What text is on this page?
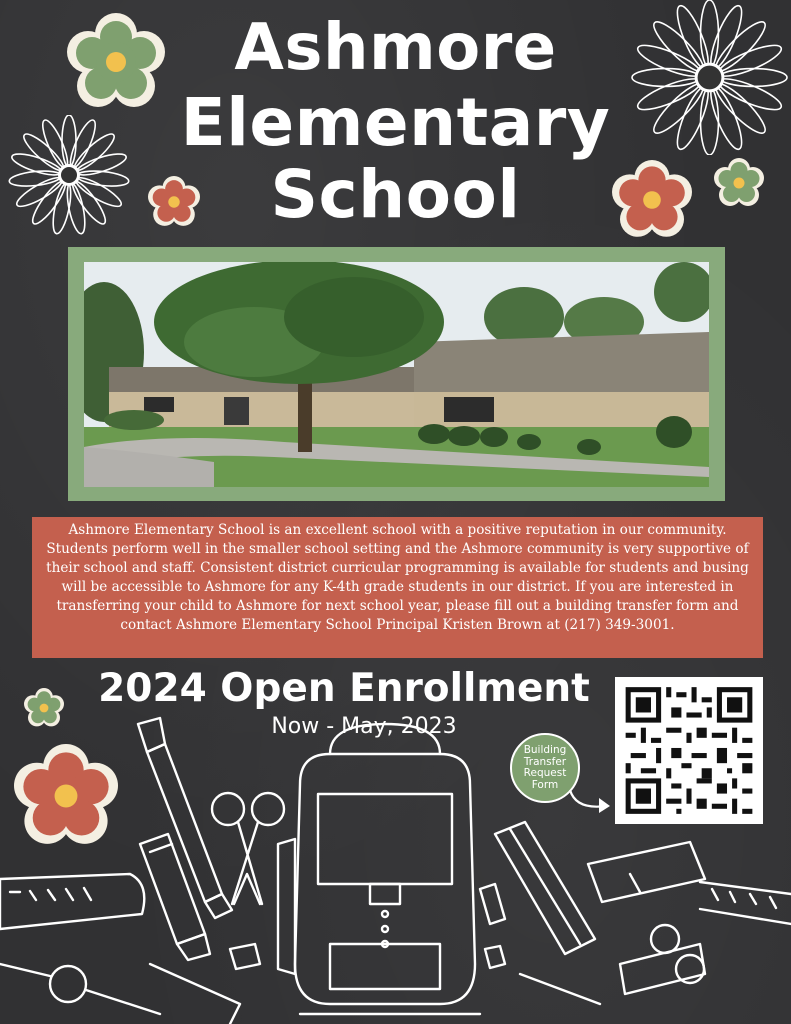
Ashmore
Elementary
School
Ashmore Elementary School is an excellent school with a positive reputation in our community. Students perform well in the smaller school setting and the Ashmore community is very supportive of their school and staff. Consistent district curricular programming is available for students and busing will be accessible to Ashmore for any K-4th grade students in our district. If you are interested in transferring your child to Ashmore for next school year, please fill out a building transfer form and contact Ashmore Elementary School Principal Kristen Brown at (217) 349-3001.
2024 Open Enrollment
Now - May, 2023
Building Transfer Request Form
